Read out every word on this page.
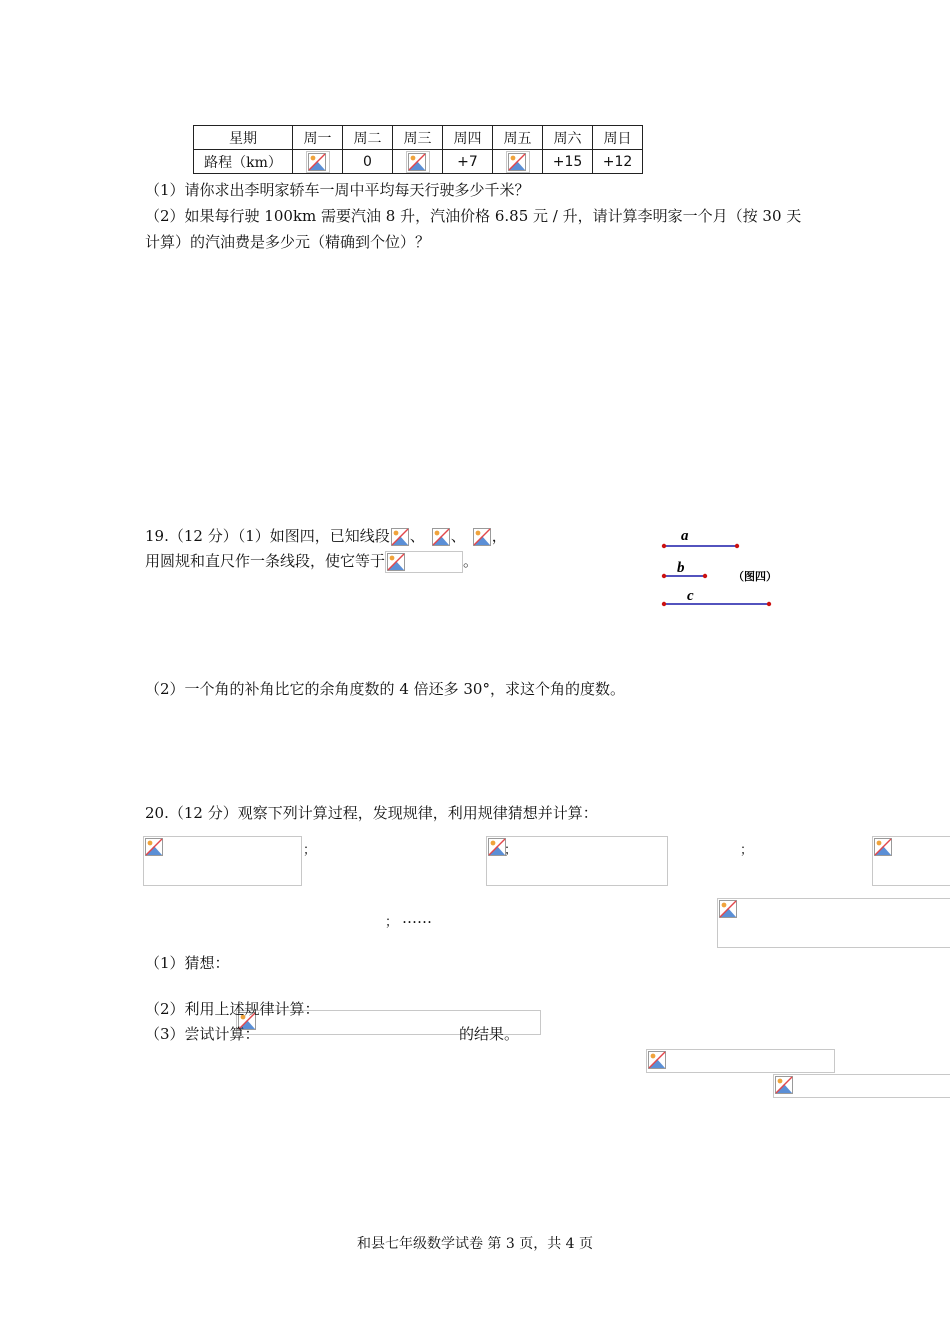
星期	周一	周二	周三	周四	周五	周六	周日
路程（km）		0		+7		+15	+12
（1）请你求出李明家轿车一周中平均每天行驶多少千米？
（2）如果每行驶 100km 需要汽油 8 升，汽油价格 6.85 元 / 升，请计算李明家一个月（按 30 天
计算）的汽油费是多少元（精确到个位）？
19.（12 分）（1）如图四，已知线段 、 、 ，
用圆规和直尺作一条线段，使它等于	。
a
b
c
（图四）
（2）一个角的补角比它的余角度数的 4 倍还多 30°，求这个角的度数。
20.（12 分）观察下列计算过程，发现规律，利用规律猜想并计算：

；
	；
	；

； ……
（1）猜想：

（2）利用上述规律计算：

（3）尝试计算：	的结果。
和县七年级数学试卷 第 3 页，共 4 页
